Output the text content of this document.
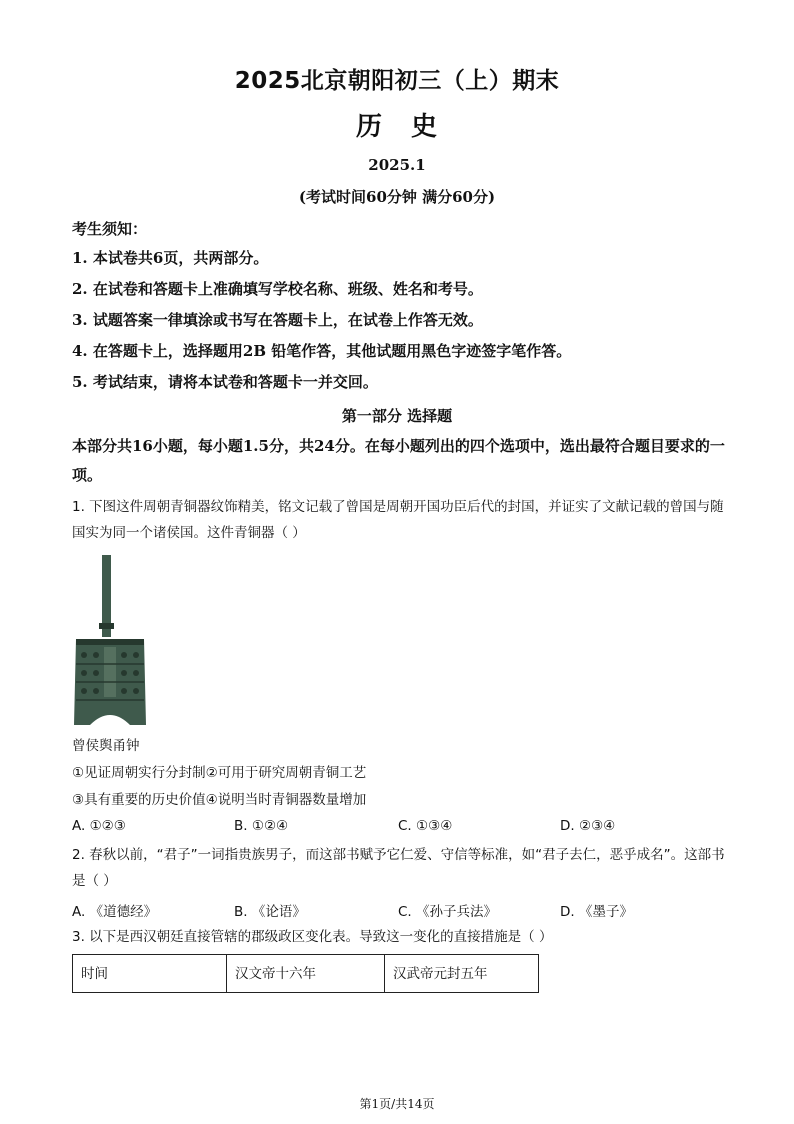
2025北京朝阳初三（上）期末
历 史
2025.1
(考试时间60分钟 满分60分)
考生须知：
1. 本试卷共6页，共两部分。
2. 在试卷和答题卡上准确填写学校名称、班级、姓名和考号。
3. 试题答案一律填涂或书写在答题卡上，在试卷上作答无效。
4. 在答题卡上，选择题用2B 铅笔作答，其他试题用黑色字迹签字笔作答。
5. 考试结束，请将本试卷和答题卡一并交回。
第一部分 选择题
本部分共16小题，每小题1.5分，共24分。在每小题列出的四个选项中，选出最符合题目要求的一项。
1. 下图这件周朝青铜器纹饰精美，铭文记载了曾国是周朝开国功臣后代的封国，并证实了文献记载的曾国与随国实为同一个诸侯国。这件青铜器（ ）
曾侯舆甬钟
①见证周朝实行分封制②可用于研究周朝青铜工艺
③具有重要的历史价值④说明当时青铜器数量增加
A. ①②③	B. ①②④	C. ①③④	D. ②③④
2. 春秋以前，“君子”一词指贵族男子，而这部书赋予它仁爱、守信等标准，如“君子去仁，恶乎成名”。这部书是（ ）
A. 《道德经》	B. 《论语》	C. 《孙子兵法》	D. 《墨子》
3. 以下是西汉朝廷直接管辖的郡级政区变化表。导致这一变化的直接措施是（ ）
时间	汉文帝十六年	汉武帝元封五年
第1页/共14页
